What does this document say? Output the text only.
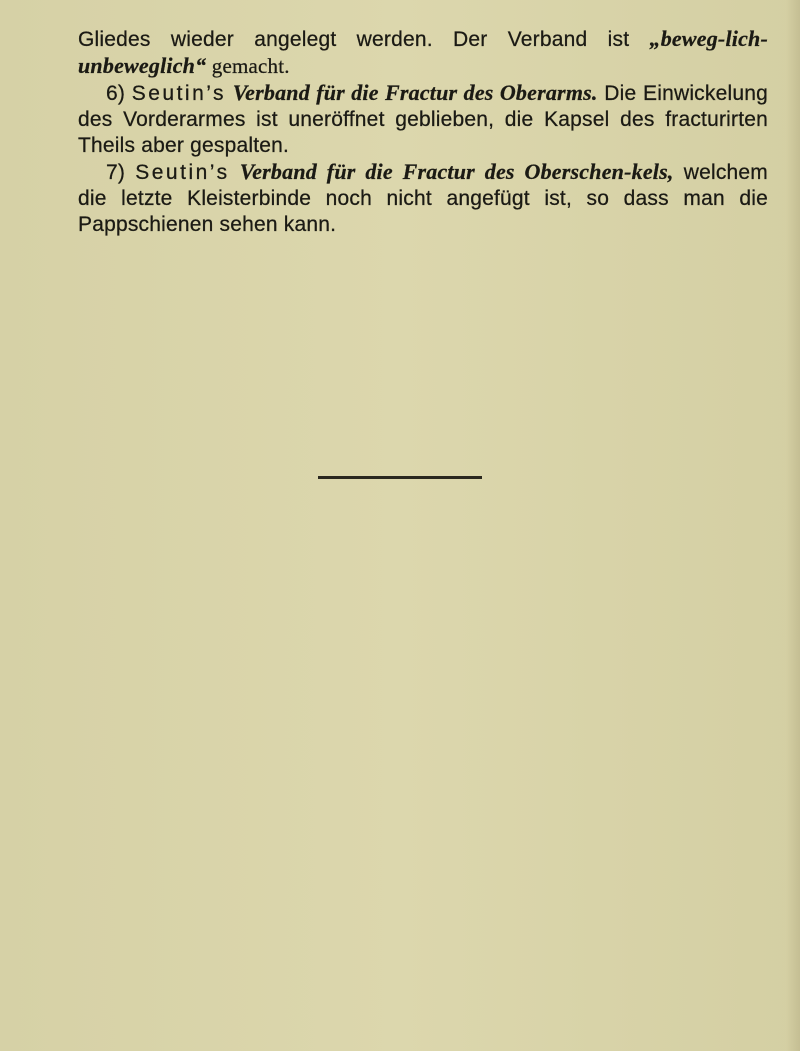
Gliedes wieder angelegt werden. Der Verband ist „beweg-lich-unbeweglich“ gemacht.

6) Seutin’s Verband für die Fractur des Oberarms. Die Einwickelung des Vorderarmes ist uneröffnet geblieben, die Kapsel des fracturirten Theils aber gespalten.

7) Seutin’s Verband für die Fractur des Oberschen-kels, welchem die letzte Kleisterbinde noch nicht angefügt ist, so dass man die Pappschienen sehen kann.
